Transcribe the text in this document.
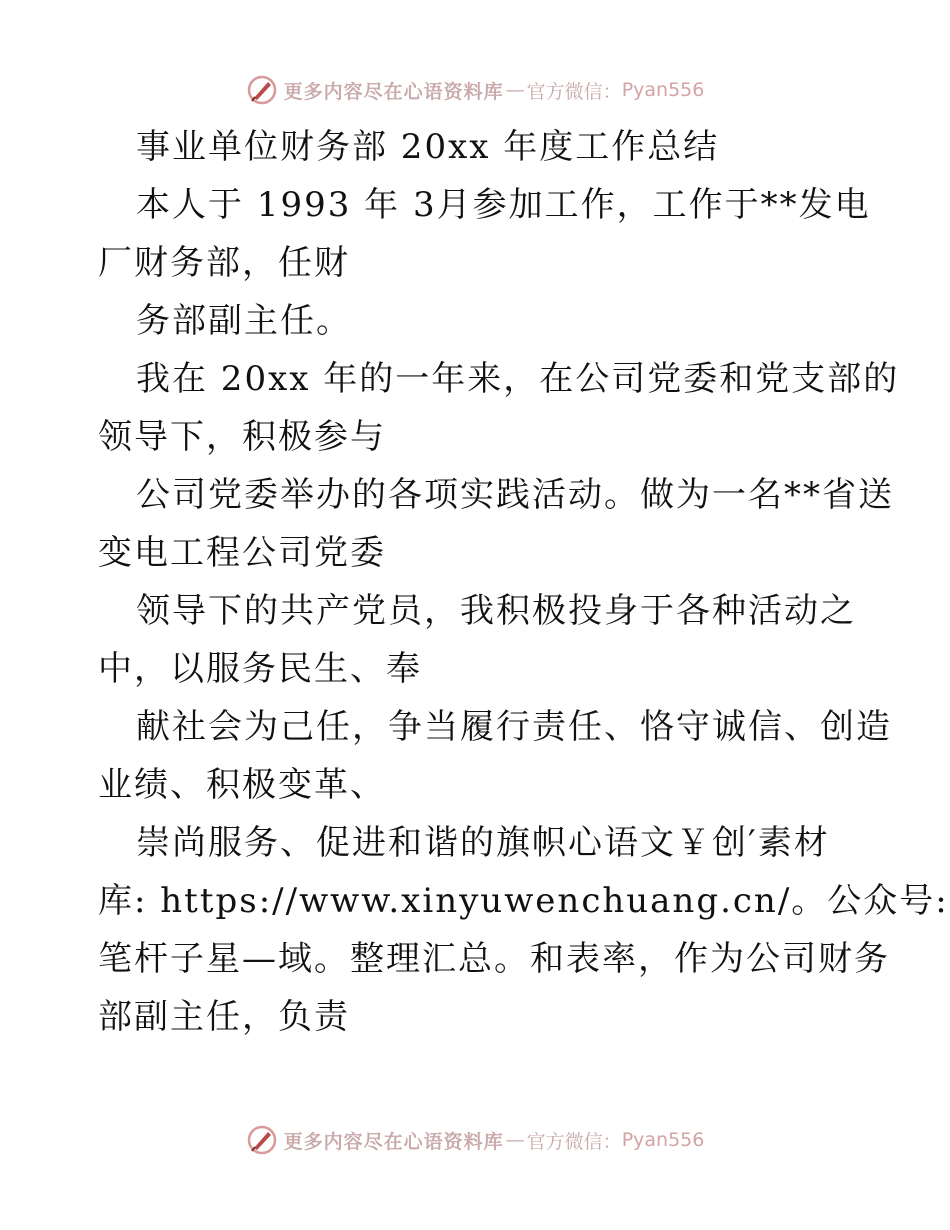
更多内容尽在心语资料库 — 官方微信： Pyan556
事业单位财务部 20xx 年度工作总结
本人于 1993 年 3月参加工作，工作于**发电
厂财务部，任财
务部副主任。
我在 20xx 年的一年来，在公司党委和党支部的
领导下，积极参与
公司党委举办的各项实践活动。做为一名**省送
变电工程公司党委
领导下的共产党员，我积极投身于各种活动之
中，以服务民生、奉
献社会为己任，争当履行责任、恪守诚信、创造
业绩、积极变革、
崇尚服务、促进和谐的旗帜心语文￥创′素材
库: https://www.xinyuwenchuang.cn/。公众号:
笔杆子星—域。整理汇总。和表率，作为公司财务
部副主任，负责
更多内容尽在心语资料库 — 官方微信： Pyan556
